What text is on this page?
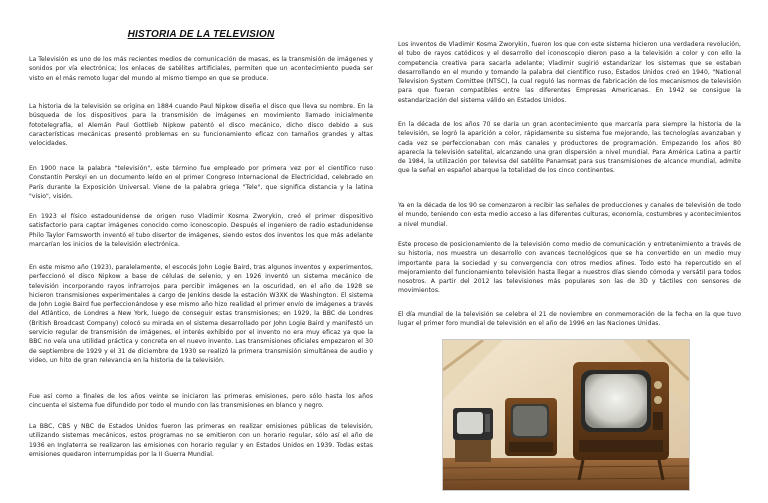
HISTORIA DE LA TELEVISION

La Televisión es uno de los más recientes medios de comunicación de masas, es la transmisión de imágenes y sonidos por vía electrónica; los enlaces de satélites artificiales, permiten que un acontecimiento pueda ser visto en el más remoto lugar del mundo al mismo tiempo en que se produce.

La historia de la televisión se origina en 1884 cuando Paul Nipkow diseña el disco que lleva su nombre. En la búsqueda de los dispositivos para la transmisión de imágenes en movimiento llamado inicialmente fototelegrafía, el Alemán Paul Gottlieb Nipkow patentó el disco mecánico, dicho disco debido a sus características mecánicas presentó problemas en su funcionamiento eficaz con tamaños grandes y altas velocidades.

En 1900 nace la palabra "televisión", este término fue empleado por primera vez por el científico ruso Constantin Perskyi en un documento leído en el primer Congreso Internacional de Electricidad, celebrado en París durante la Exposición Universal. Viene de la palabra griega "Tele", que significa distancia y la latina "visio", visión.

En 1923 el físico estadounidense de origen ruso Vladimir Kosma Zworykin, creó el primer dispositivo satisfactorio para captar imágenes conocido como iconoscopio. Después el ingeniero de radio estadunidense Philo Taylor Farnsworth inventó el tubo disertor de imágenes, siendo estos dos inventos los que más adelante marcarían los inicios de la televisión electrónica.

En este mismo año (1923), paralelamente, el escocés John Logie Baird, tras algunos inventos y experimentos, perfeccionó el disco Nipkow a base de células de selenio, y en 1926 inventó un sistema mecánico de televisión incorporando rayos infrarrojos para percibir imágenes en la oscuridad, en el año de 1928 se hicieron transmisiones experimentales a cargo de Jenkins desde la estación W3XK de Washington. El sistema de John Logie Baird fue perfeccionándose y ese mismo año hizo realidad el primer envío de imágenes a través del Atlántico, de Londres a New York, luego de conseguir estas transmisiones; en 1929, la BBC de Londres (British Broadcast Company) colocó su mirada en el sistema desarrollado por John Logie Baird y manifestó un servicio regular de transmisión de imágenes, el interés exhibido por el invento no era muy eficaz ya que la BBC no veía una utilidad práctica y concreta en el nuevo invento. Las transmisiones oficiales empezaron el 30 de septiembre de 1929 y el 31 de diciembre de 1930 se realizó la primera transmisión simultánea de audio y video, un hito de gran relevancia en la historia de la televisión.

Fue así como a finales de los años veinte se iniciaron las primeras emisiones, pero sólo hasta los años cincuenta el sistema fue difundido por todo el mundo con las transmisiones en blanco y negro.

La BBC, CBS y NBC de Estados Unidos fueron las primeras en realizar emisiones públicas de televisión, utilizando sistemas mecánicos, estos programas no se emitieron con un horario regular, sólo así el año de 1936 en Inglaterra se realizaron las emisiones con horario regular y en Estados Unidos en 1939. Todas estas emisiones quedaron interrumpidas por la II Guerra Mundial.

Los inventos de Vladimir Kosma Zworykin, fueron los que con este sistema hicieron una verdadera revolución, el tubo de rayos catódicos y el desarrollo del iconoscopio dieron paso a la televisión a color y con ello la competencia creativa para sacarla adelante; Vladimir sugirió estandarizar los sistemas que se estaban desarrollando en el mundo y tomando la palabra del científico ruso, Estados Unidos creó en 1940, "National Television System Comittee (NTSC), la cual reguló las normas de fabricación de los mecanismos de televisión para que fueran compatibles entre las diferentes Empresas Americanas. En 1942 se consigue la estandarización del sistema válido en Estados Unidos.

En la década de los años 70 se daría un gran acontecimiento que marcaría para siempre la historia de la televisión, se logró la aparición a color, rápidamente su sistema fue mejorando, las tecnologías avanzaban y cada vez se perfeccionaban con más canales y productores de programación. Empezando los años 80 aparecía la televisión satelital, alcanzando una gran dispersión a nivel mundial. Para América Latina a partir de 1984, la utilización por televisa del satélite Panamsat para sus transmisiones de alcance mundial, admite que la señal en español abarque la totalidad de los cinco continentes.

Ya en la década de los 90 se comenzaron a recibir las señales de producciones y canales de televisión de todo el mundo, teniendo con esta medio acceso a las diferentes culturas, economía, costumbres y acontecimientos a nivel mundial.

Este proceso de posicionamiento de la televisión como medio de comunicación y entretenimiento a través de su historia, nos muestra un desarrollo con avances tecnológicos que se ha convertido en un medio muy importante para la sociedad y su convergencia con otros medios afines. Todo esto ha repercutido en el mejoramiento del funcionamiento televisión hasta llegar a nuestros días siendo cómoda y versátil para todos nosotros. A partir del 2012 las televisiones más populares son las de 3D y táctiles con sensores de movimientos.

El día mundial de la televisión se celebra el 21 de noviembre en conmemoración de la fecha en la que tuvo lugar el primer foro mundial de televisión en el año de 1996 en las Naciones Unidas.
